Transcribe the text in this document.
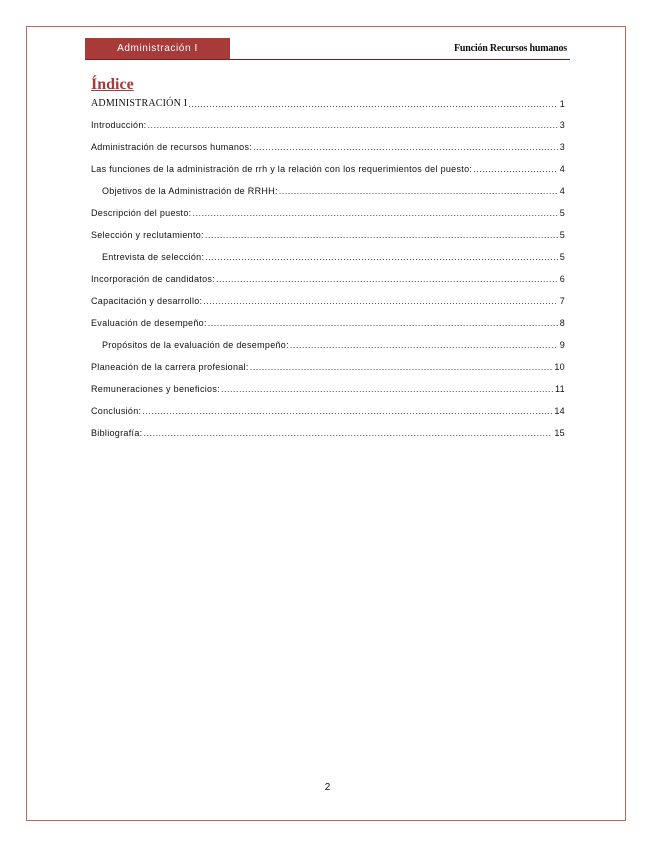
Administración I	Función Recursos humanos
Índice
ADMINISTRACIÓN I .....	1
Introducción: .....	3
Administración de recursos humanos: .....	3
Las funciones de la administración de rrh y la relación con los requerimientos del puesto: .....	4
Objetivos de la Administración de RRHH: .....	4
Descripción del puesto: .....	5
Selección y reclutamiento: .....	5
Entrevista de selección: .....	5
Incorporación de candidatos: .....	6
Capacitación y desarrollo: .....	7
Evaluación de desempeño: .....	8
Propósitos de la evaluación de desempeño: .....	9
Planeación de la carrera profesional: .....	10
Remuneraciones y beneficios: .....	11
Conclusión: .....	14
Bibliografía: .....	15
2
